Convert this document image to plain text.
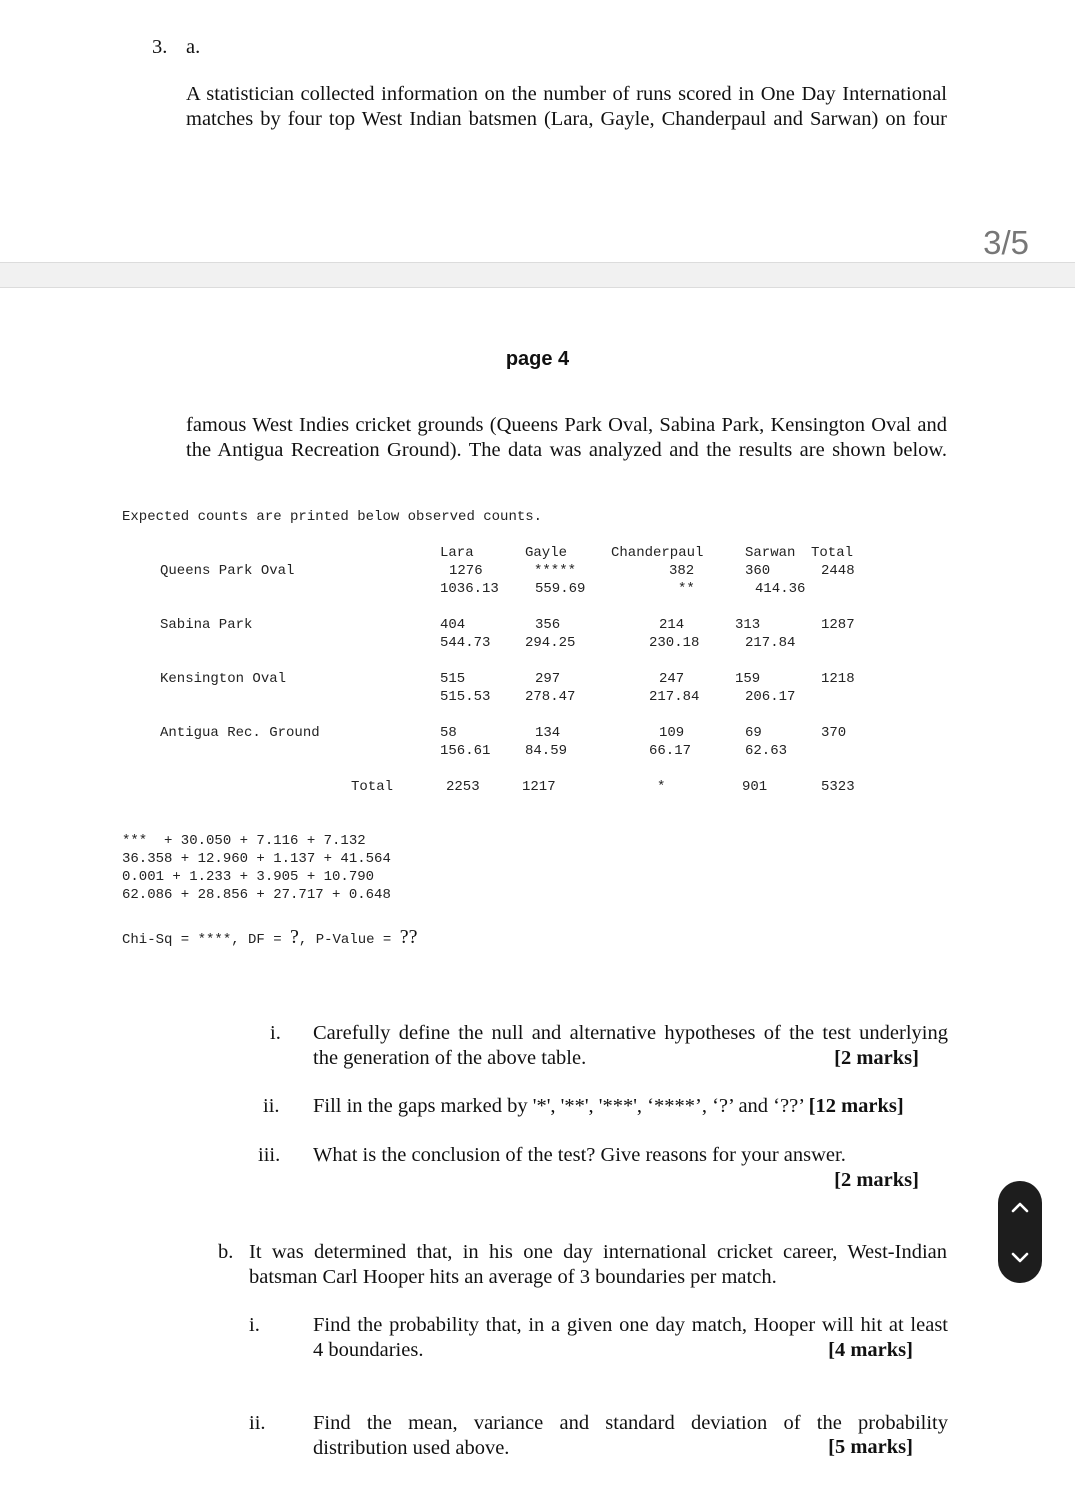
3. a.
A statistician collected information on the number of runs scored in One Day International
matches by four top West Indian batsmen (Lara, Gayle, Chanderpaul and Sarwan) on four
3/5
page 4
famous West Indies cricket grounds (Queens Park Oval, Sabina Park, Kensington Oval and
the Antigua Recreation Ground). The data was analyzed and the results are shown below.
Expected counts are printed below observed counts.
Lara	Gayle	Chanderpaul	Sarwan Total
Queens Park Oval	1276	*****	382	360	2448
1036.13	559.69	**	414.36
Sabina Park	404	356	214	313	1287
544.73 294.25	230.18	217.84
Kensington Oval	515	297	247	159	1218
515.53 278.47	217.84	206.17
Antigua Rec. Ground	58	134	109	69	370
156.61 84.59	66.17	62.63
Total	2253	1217	*	901	5323
***  + 30.050 + 7.116 + 7.132
36.358 + 12.960 + 1.137 + 41.564
0.001 + 1.233 + 3.905 + 10.790
62.086 + 28.856 + 27.717 + 0.648
Chi-Sq = ****, DF = ?, P-Value = ??
i. Carefully define the null and alternative hypotheses of the test underlying
the generation of the above table.	[2 marks]
ii. Fill in the gaps marked by '*', '**', '***', ‘****’, ‘?’ and ‘??’ [12 marks]
iii. What is the conclusion of the test? Give reasons for your answer.
[2 marks]
b. It was determined that, in his one day international cricket career, West-Indian
batsman Carl Hooper hits an average of 3 boundaries per match.
i.	Find the probability that, in a given one day match, Hooper will hit at least
4 boundaries.	[4 marks]
ii. Find the mean, variance and standard deviation of the probability
distribution used above.	[5 marks]
